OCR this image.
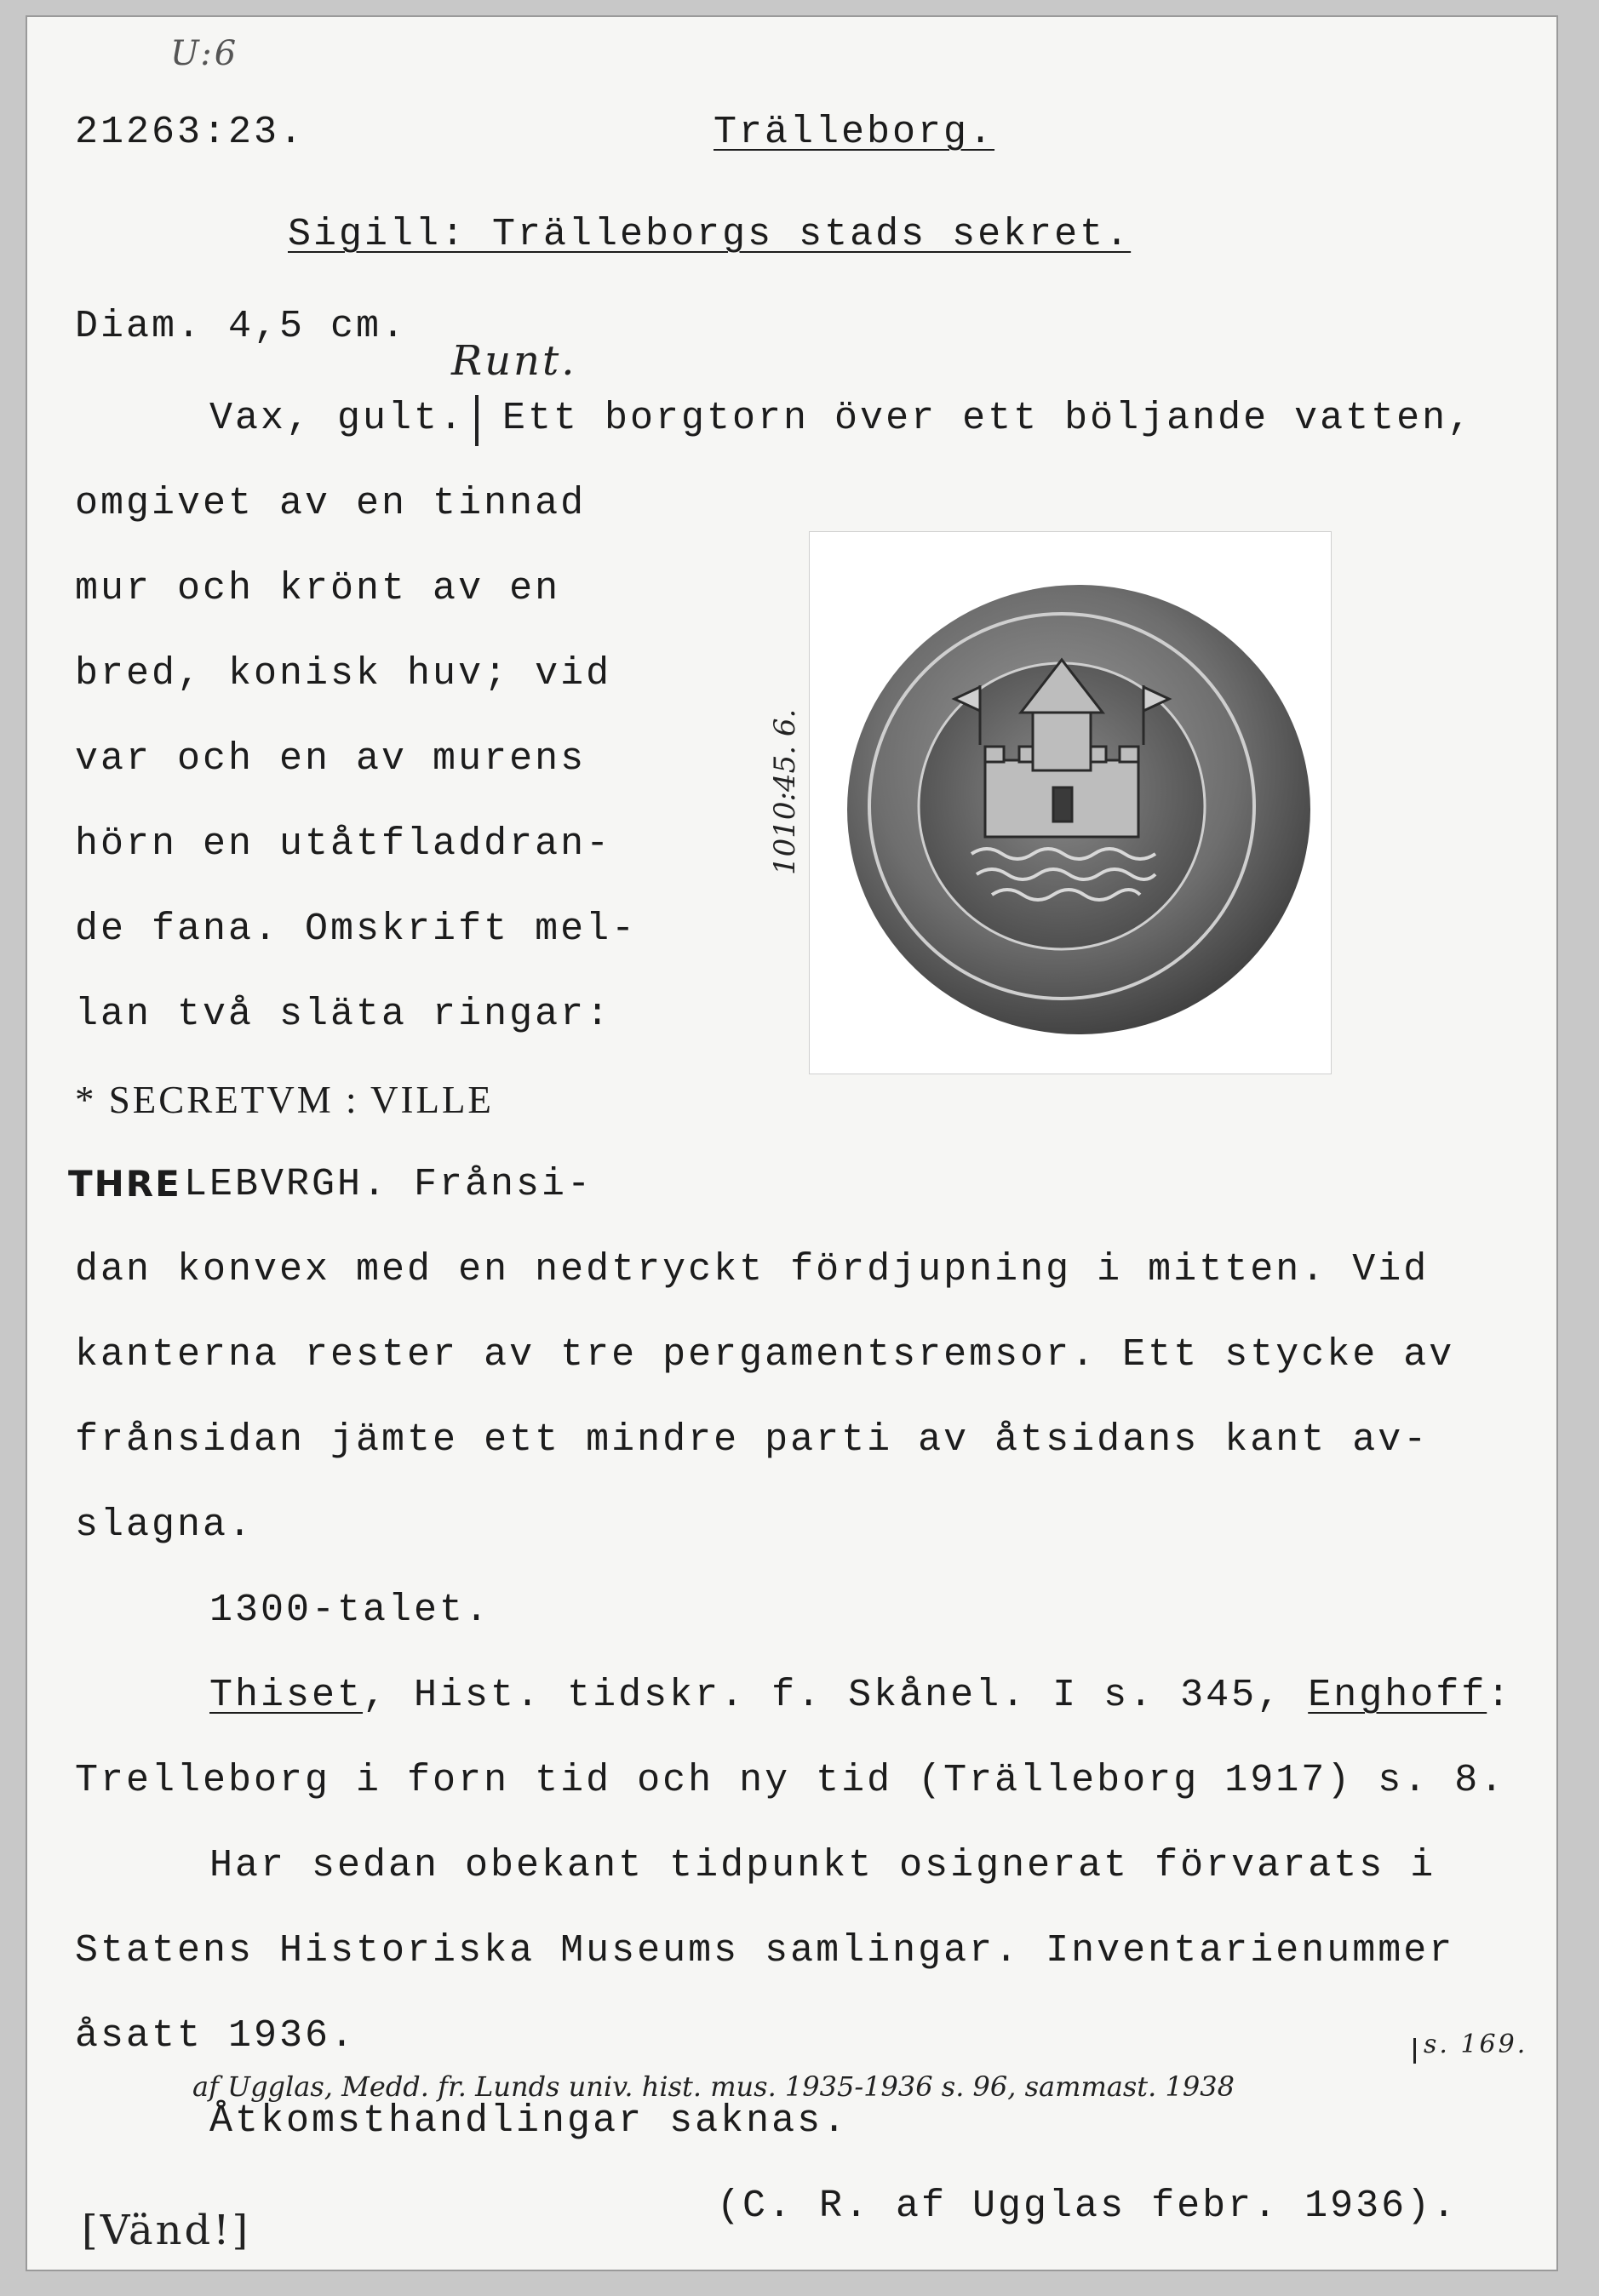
U:6
21263:23.	Trälleborg.
Sigill: Trälleborgs stads sekret.
Diam. 4,5 cm.
Runt.
Vax, gult. Ett borgtorn över ett böljande vatten,
omgivet av en tinnad
mur och krönt av en
bred, konisk huv; vid
var och en av murens
hörn en utåtfladdran-
de fana. Omskrift mel-
lan två släta ringar:
* SECRETVM : VILLE
THRE LEBVRGH. Frånsi-
dan konvex med en nedtryckt fördjupning i mitten. Vid
kanterna rester av tre pergamentsremsor. Ett stycke av
frånsidan jämte ett mindre parti av åtsidans kant av-
slagna.
1300-talet.
Thiset, Hist. tidskr. f. Skånel. I s. 345, Enghoff:
Trelleborg i forn tid och ny tid (Trälleborg 1917) s. 8.
Har sedan obekant tidpunkt osignerat förvarats i
Statens Historiska Museums samlingar. Inventarienummer
åsatt 1936.	s. 169.
af Ugglas, Medd. fr. Lunds univ. hist. mus. 1935-1936 s. 96, sammast. 1938
Åtkomsthandlingar saknas.
[Vänd!]
(C. R. af Ugglas febr. 1936).
1010:45. 6.
